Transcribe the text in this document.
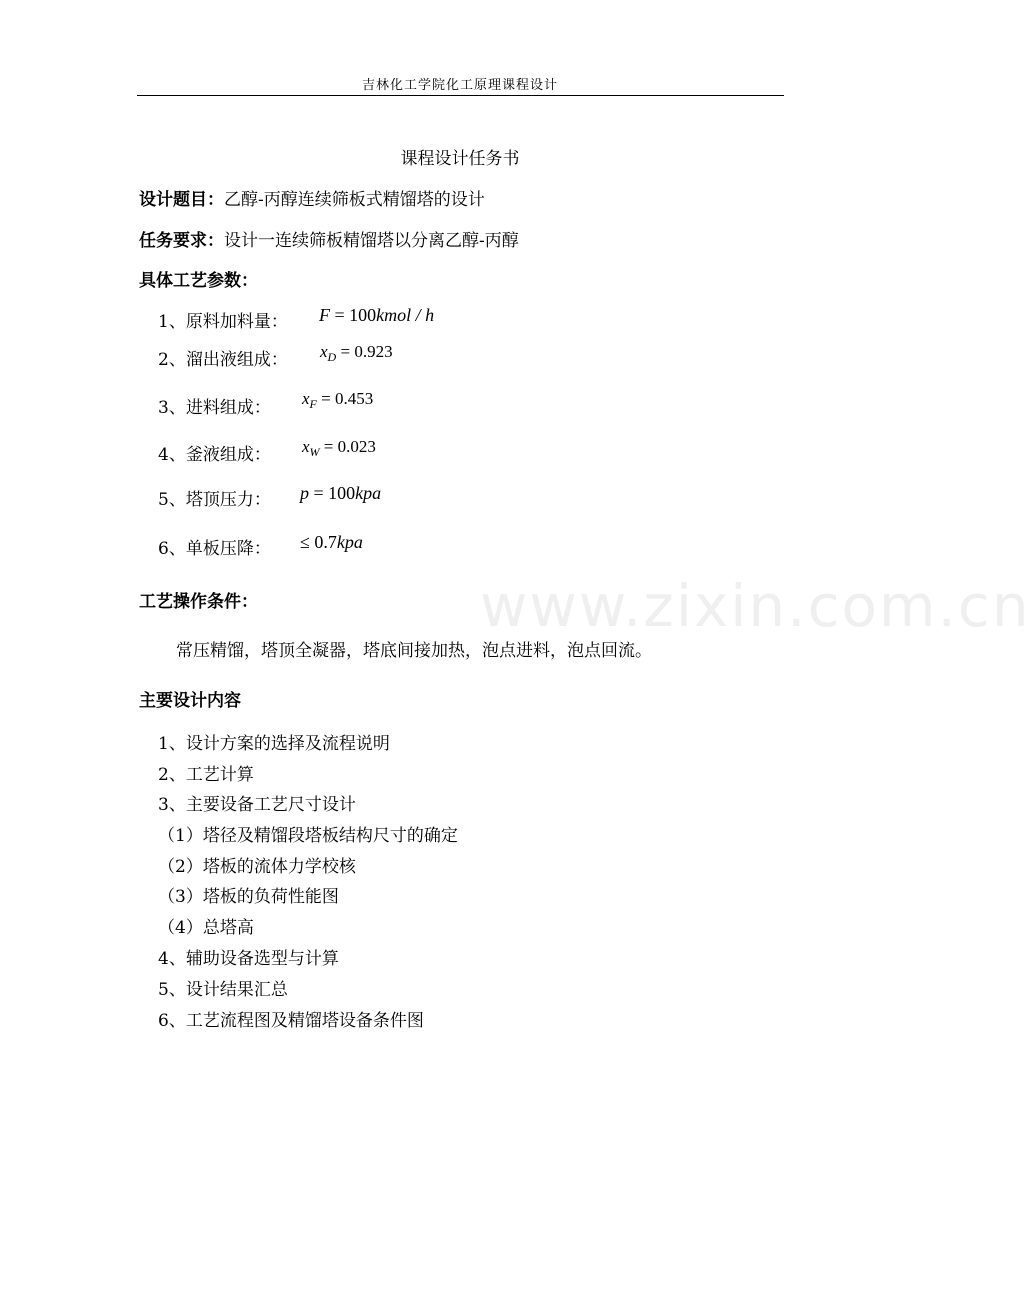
www.zixin.com.cn
吉林化工学院化工原理课程设计
课程设计任务书
设计题目：乙醇-丙醇连续筛板式精馏塔的设计
任务要求：设计一连续筛板精馏塔以分离乙醇-丙醇
具体工艺参数：
1、原料加料量： F = 100kmol / h
2、溜出液组成： $x_D = 0.923$
3、进料组成： $x_F = 0.453$
4、釜液组成： $x_W = 0.023$
5、塔顶压力： p = 100kpa
6、单板压降： ≤ 0.7kpa
工艺操作条件：
常压精馏，塔顶全凝器，塔底间接加热，泡点进料，泡点回流。
主要设计内容
1、设计方案的选择及流程说明
2、工艺计算
3、主要设备工艺尺寸设计
（1）塔径及精馏段塔板结构尺寸的确定
（2）塔板的流体力学校核
（3）塔板的负荷性能图
（4）总塔高
4、辅助设备选型与计算
5、设计结果汇总
6、工艺流程图及精馏塔设备条件图
